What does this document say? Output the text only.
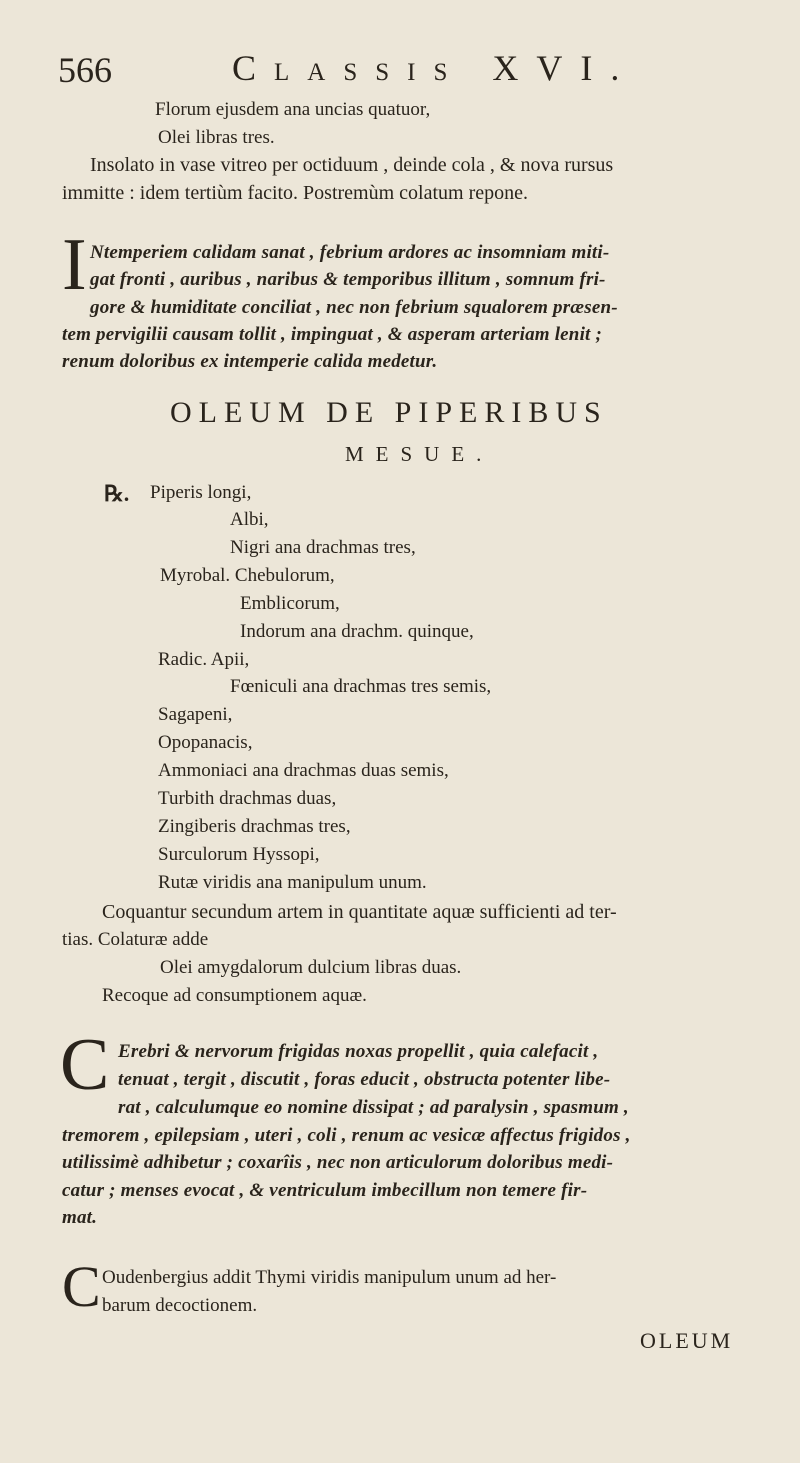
566	Classis XVI.
Florum ejusdem ana uncias quatuor,
Olei libras tres.
Insolato in vase vitreo per octiduum , deinde cola , & nova rursus
immitte : idem tertiùm facito. Postremùm colatum repone.
I Ntemperiem calidam sanat , febrium ardores ac insomniam miti-
gat fronti , auribus , naribus & temporibus illitum , somnum fri-
gore & humiditate conciliat , nec non febrium squalorem præsen-
tem pervigilii causam tollit , impinguat , & asperam arteriam lenit ;
renum doloribus ex intemperie calida medetur.
OLEUM DE PIPERIBUS
MESUE.
℞. Piperis longi,
Albi,
Nigri ana drachmas tres,
Myrobal. Chebulorum,
Emblicorum,
Indorum ana drachm. quinque,
Radic. Apii,
Fœniculi ana drachmas tres semis,
Sagapeni,
Opopanacis,
Ammoniaci ana drachmas duas semis,
Turbith drachmas duas,
Zingiberis drachmas tres,
Surculorum Hyssopi,
Rutæ viridis ana manipulum unum.
Coquantur secundum artem in quantitate aquæ sufficienti ad ter-
tias. Colaturæ adde
Olei amygdalorum dulcium libras duas.
Recoque ad consumptionem aquæ.
C Erebri & nervorum frigidas noxas propellit , quia calefacit ,
tenuat , tergit , discutit , foras educit , obstructa potenter libe-
rat , calculumque eo nomine dissipat ; ad paralysin , spasmum ,
tremorem , epilepsiam , uteri , coli , renum ac vesicæ affectus frigidos ,
utilissimè adhibetur ; coxarîis , nec non articulorum doloribus medi-
catur ; menses evocat , & ventriculum imbecillum non temere fir-
mat.
C Oudenbergius addit Thymi viridis manipulum unum ad her-
barum decoctionem.
OLEUM
